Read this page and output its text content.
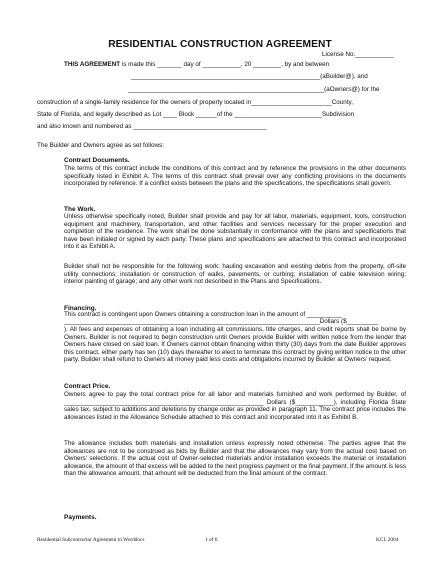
RESIDENTIAL CONSTRUCTION AGREEMENT
License No.___________
THIS AGREEMENT is made this _______ day of ___________, 20 ________, by and between
______________________________________________________(aBuilder@), and
________________________________________________________(aOwners@) for the
construction of a single-family residence for the owners of property located in_______________________County,
State of Florida, and legally described as Lot ____ Block ______of the _________________________Subdivision
and also known and numbered as ______________________________________
The Builder and Owners agree as set follows:
Contract Documents.
The terms of this contract include the conditions of this contract and by reference the provisions in the other documents specifically listed in Exhibit A. The terms of this contract shall prevail over any conflicting provisions in the documents incorporated by reference. If a conflict exists between the plans and the specifications, the specifications shall govern.
The Work.
Unless otherwise specifically noted, Builder shall provide and pay for all labor, materials, equipment, tools, construction equipment and machinery, transportation, and other facilities and services necessary for the proper execution and completion of the residence. The work shall be done substantially in conformance with the plans and specifications that have been initialed or signed by each party. These plans and specifications are attached to this contract and incorporated into it as Exhibit A.
Builder shall not be responsible for the following work: hauling excavation and existing debris from the property, off-site utility connections; installation or construction of walks, pavements, or curbing; installation of cable television wiring; interior painting of garage; and any other work not described in the Plans and Specifications.
Financing.
This contract is contingent upon Owners obtaining a construction loan in the amount of __________
_________________________________________________________________________Dollars ($_________
). All fees and expenses of obtaining a loan including all commissions, title charges, and credit reports shall be borne by Owners. Builder is not required to begin construction until Owners provide Builder with written notice from the lender that Owners have closed on said loan. If Owners cannot obtain financing within thirty (30) days from the date Builder approves this contract, either party has ten (10) days thereafter to elect to terminate this contract by giving written notice to the other party. Builder shall refund to Owners all money paid less costs and obligations incurred by Builder at Owners' request.
Contract Price.
Owners agree to pay the total contract price for all labor and materials furnished and work performed by Builder, of _________________________________________________________ Dollars ($___________), including Florida State sales tax, subject to additions and deletions by change order as provided in paragraph 11. The contract price includes the allowances listed in the Allowance Schedule attached to this contract and incorporated into it as Exhibit B.
The allowance includes both materials and installation unless expressly noted otherwise. The parties agree that the allowances are not to be construed as bids by Builder and that the allowances may vary from the actual cost based on Owners' selections. If the actual cost of Owner-selected materials and/or installation exceeds the material or installation allowance, the amount of that excess will be added to the next progress payment or the final payment. If the amount is less than the allowance amount, that amount will be deducted from the final amount of the contract.
Payments.
Residential Subcontractor Agreement in Worddocs	1 of 6	KCL 2004
